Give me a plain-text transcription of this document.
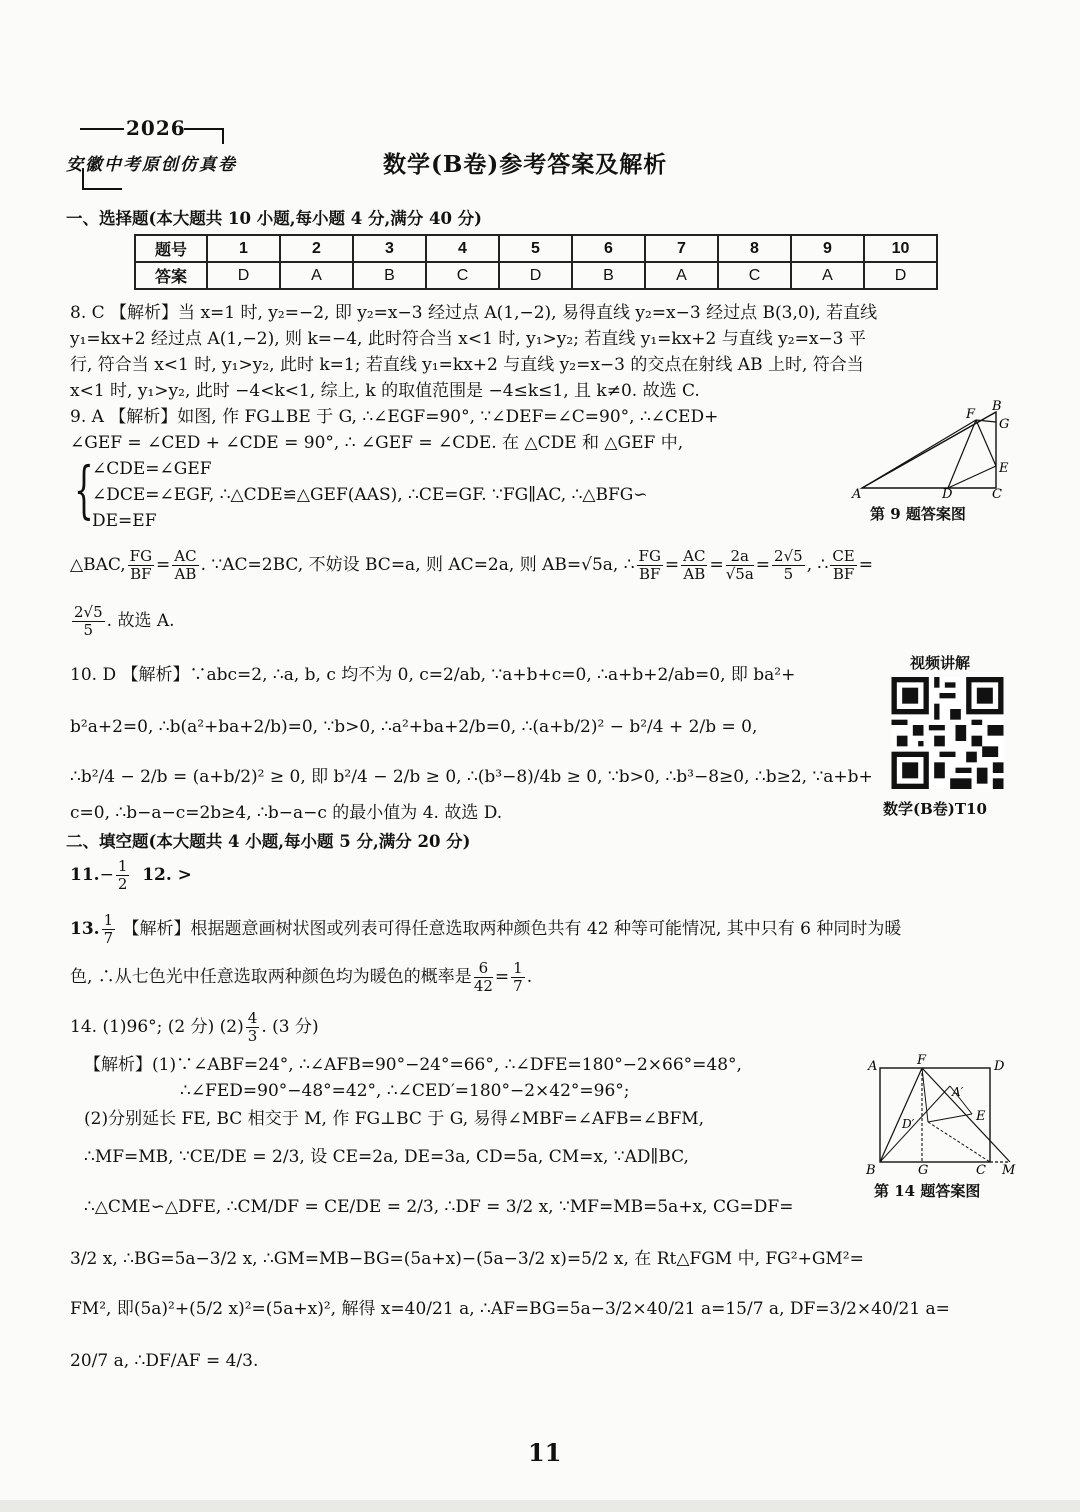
2026
安徽中考原创仿真卷	数学(B卷)参考答案及解析
一、选择题(本大题共 10 小题,每小题 4 分,满分 40 分)
题号	1	2	3	4	5	6	7	8	9	10
答案	D	A	B	C	D	B	A	C	A	D
8. C 【解析】当 x=1 时, y₂=−2, 即 y₂=x−3 经过点 A(1,−2), 易得直线 y₂=x−3 经过点 B(3,0), 若直线
y₁=kx+2 经过点 A(1,−2), 则 k=−4, 此时符合当 x<1 时, y₁>y₂; 若直线 y₁=kx+2 与直线 y₂=x−3 平
行, 符合当 x<1 时, y₁>y₂, 此时 k=1; 若直线 y₁=kx+2 与直线 y₂=x−3 的交点在射线 AB 上时, 符合当
x<1 时, y₁>y₂, 此时 −4<k<1, 综上, k 的取值范围是 −4≤k≤1, 且 k≠0. 故选 C.
9. A 【解析】如图, 作 FG⊥BE 于 G, ∴∠EGF=90°, ∵∠DEF=∠C=90°, ∴∠CED+
∠GEF = ∠CED + ∠CDE = 90°, ∴ ∠GEF = ∠CDE. 在 △CDE 和 △GEF 中,
{
∠CDE=∠GEF
∠DCE=∠EGF, ∴△CDE≌△GEF(AAS), ∴CE=GF. ∵FG∥AC, ∴△BFG∽
DE=EF
F
B
G
E
A	D	C
第 9 题答案图
△BAC, $\frac{FG}{BF} = \frac{AC}{AB}$ . ∵AC=2BC, 不妨设 BC=a, 则 AC=2a, 则 AB=√5a, ∴ $\frac{FG}{BF} = \frac{AC}{AB} = \frac{2a}{√5a} = \frac{2√5}{5}$ , ∴ $\frac{CE}{BF}$ =
$\frac{2√5}{5}$ . 故选 A.
视频讲解
数学(B卷)T10
10. D 【解析】∵abc=2, ∴a, b, c 均不为 0, c=2/ab, ∵a+b+c=0, ∴a+b+2/ab=0, 即 ba²+
b²a+2=0, ∴b(a²+ba+2/b)=0, ∵b>0, ∴a²+ba+2/b=0, ∴(a+b/2)² − b²/4 + 2/b = 0,
∴b²/4 − 2/b = (a+b/2)² ≥ 0, 即 b²/4 − 2/b ≥ 0, ∴(b³−8)/4b ≥ 0, ∵b>0, ∴b³−8≥0, ∴b≥2, ∵a+b+
c=0, ∴b−a−c=2b≥4, ∴b−a−c 的最小值为 4. 故选 D.
二、填空题(本大题共 4 小题,每小题 5 分,满分 20 分)
$11.- \frac{1}{2} 12$. >
13. $\frac{1}{7}$ 【解析】根据题意画树状图或列表可得任意选取两种颜色共有 42 种等可能情况, 其中只有 6 种同时为暖
色, ∴从七色光中任意选取两种颜色均为暖色的概率是 $\frac{6}{42} = \frac{1}{7}$ .
14. (1)96°; (2 分) $(2) \frac{4}{3}$ . (3 分)
【解析】(1)∵∠ABF=24°, ∴∠AFB=90°−24°=66°, ∴∠DFE=180°−2×66°=48°,
∴∠FED=90°−48°=42°, ∴∠CED′=180°−2×42°=96°;
(2)分别延长 FE, BC 相交于 M, 作 FG⊥BC 于 G, 易得∠MBF=∠AFB=∠BFM,
∴MF=MB, ∵CE/DE = 2/3, 设 CE=2a, DE=3a, CD=5a, CM=x, ∵AD∥BC,
∴△CME∽△DFE, ∴CM/DF = CE/DE = 2/3, ∴DF = 3/2 x, ∵MF=MB=5a+x, CG=DF=
3/2 x, ∴BG=5a−3/2 x, ∴GM=MB−BG=(5a+x)−(5a−3/2 x)=5/2 x, 在 Rt△FGM 中, FG²+GM²=
FM², 即(5a)²+(5/2 x)²=(5a+x)², 解得 x=40/21 a, ∴AF=BG=5a−3/2×40/21 a=15/7 a, DF=3/2×40/21 a=
20/7 a, ∴DF/AF = 4/3.
A	F	D
A′
D′	E
B	G	C M
第 14 题答案图
11
